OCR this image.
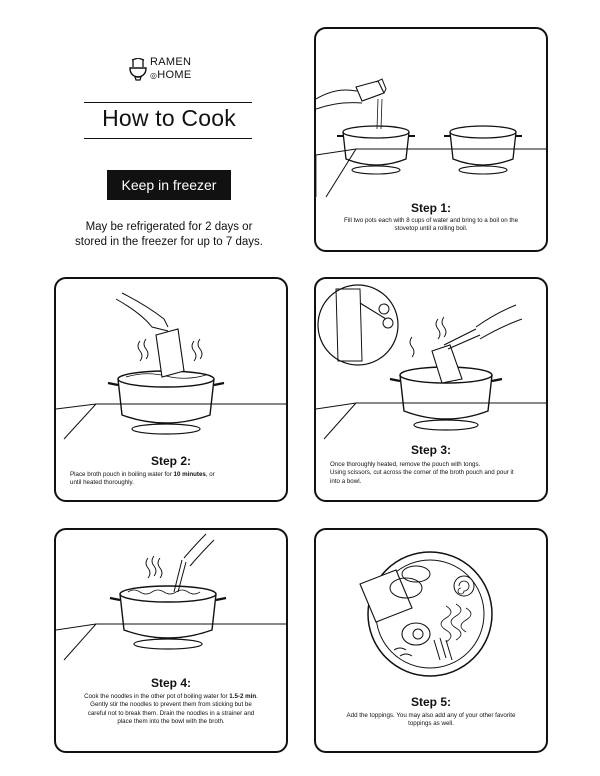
RAMEN
◎HOME
How to Cook
Keep in freezer
May be refrigerated for 2 days or
stored in the freezer for up to 7 days.
Step 1:
Fill two pots each with 8 cups of water and bring to a boil on the
stovetop until a rolling boil.
Step 2:
Place broth pouch in boiling water for 10 minutes, or
until heated thoroughly.
Step 3:
Once thoroughly heated, remove the pouch with tongs.
Using scissors, cut across the corner of the broth pouch and pour it
into a bowl.
Step 4:
Cook the noodles in the other pot of boiling water for 1.5-2 min.
Gently stir the noodles to prevent them from sticking but be
careful not to break them. Drain the noodles in a strainer and
place them into the bowl with the broth.
Step 5:
Add the toppings. You may also add any of your other favorite
toppings as well.
